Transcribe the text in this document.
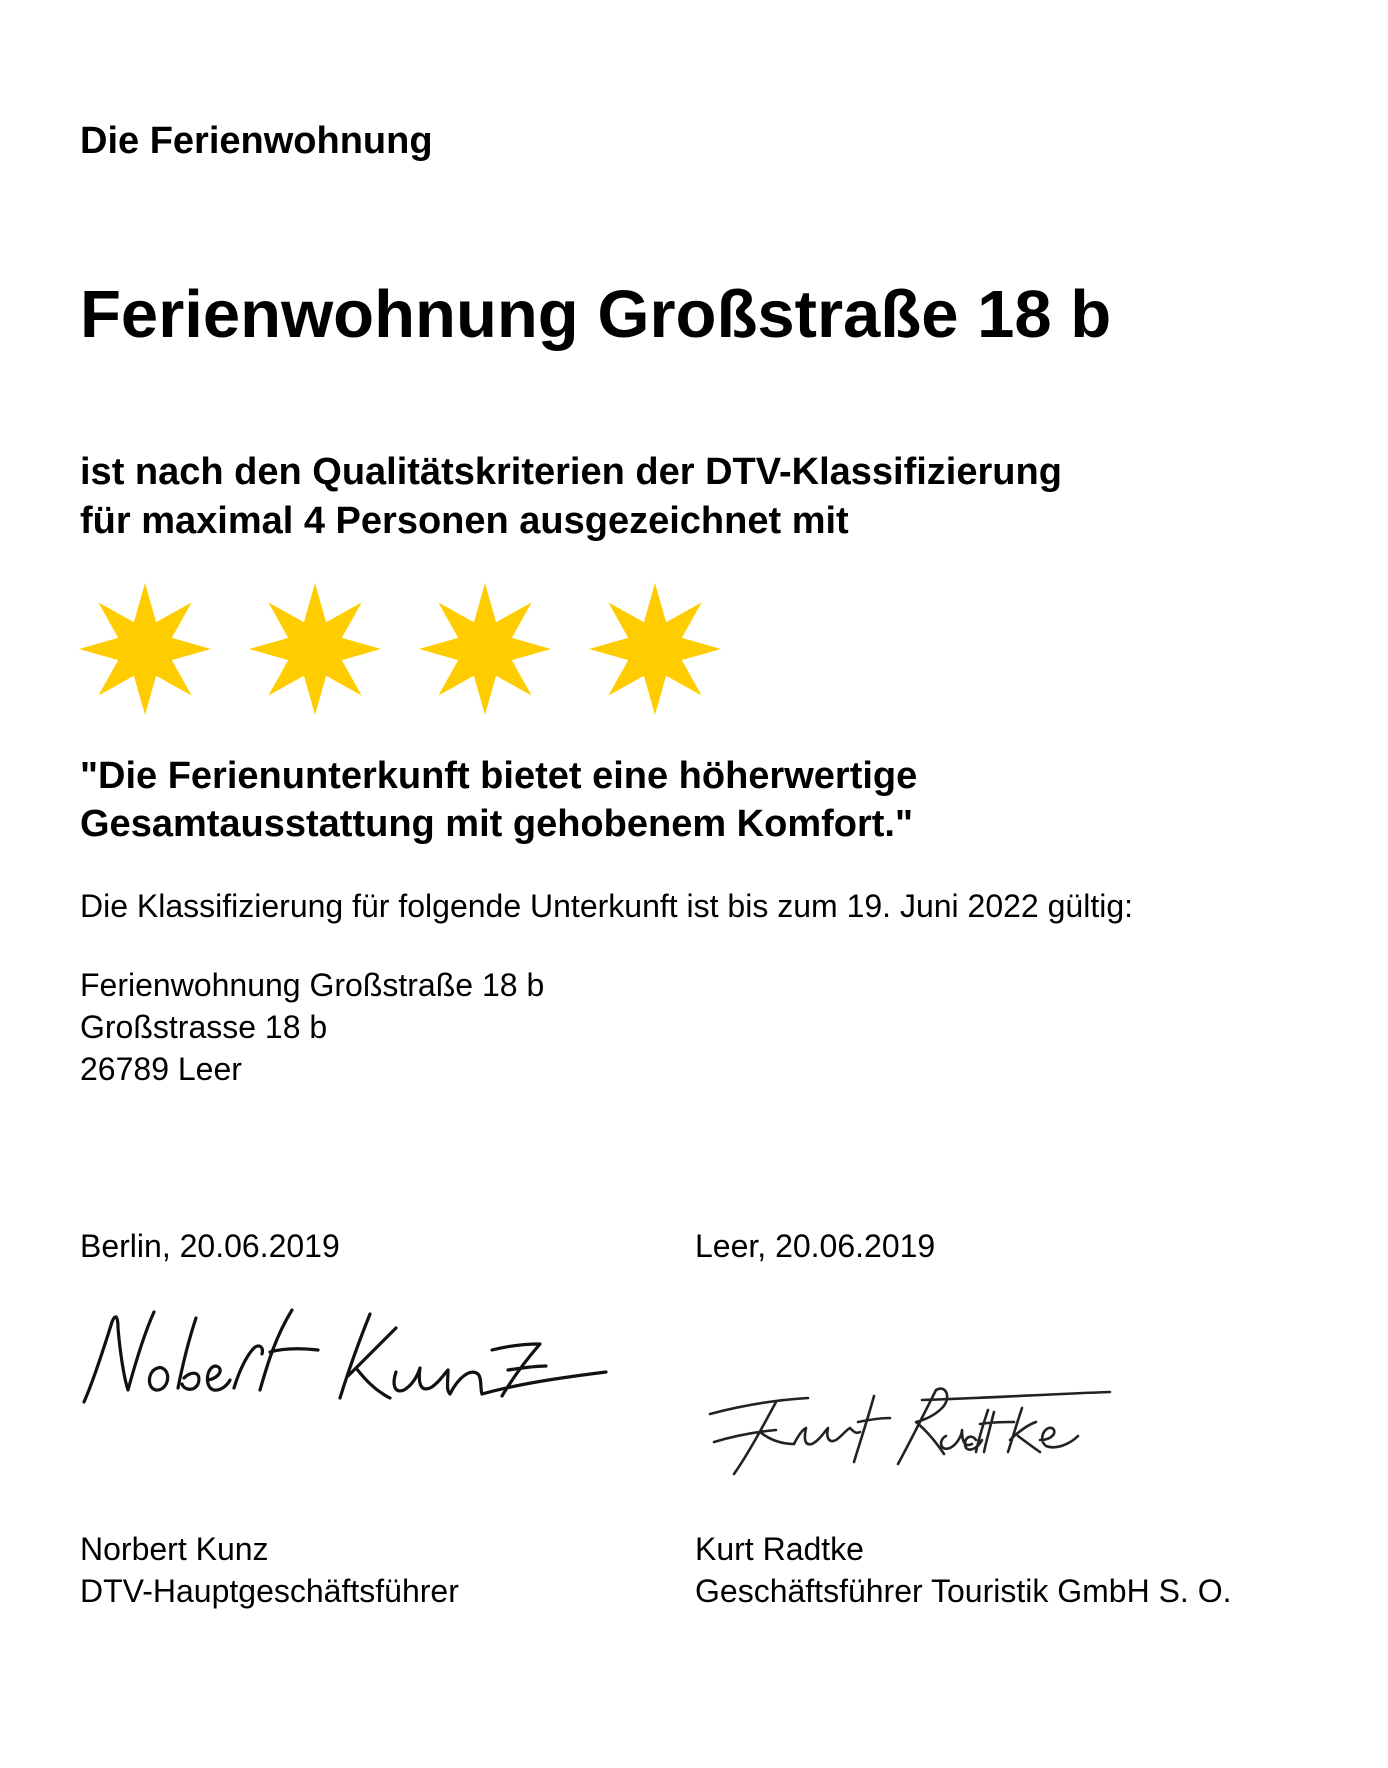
Die Ferienwohnung

Ferienwohnung Großstraße 18 b

ist nach den Qualitätskriterien der DTV-Klassifizierung
für maximal 4 Personen ausgezeichnet mit

"Die Ferienunterkunft bietet eine höherwertige
Gesamtausstattung mit gehobenem Komfort."

Die Klassifizierung für folgende Unterkunft ist bis zum 19. Juni 2022 gültig:

Ferienwohnung Großstraße 18 b
Großstrasse 18 b
26789 Leer

Berlin, 20.06.2019	Leer, 20.06.2019

Norbert Kunz
DTV-Hauptgeschäftsführer

Kurt Radtke
Geschäftsführer Touristik GmbH S. O.
